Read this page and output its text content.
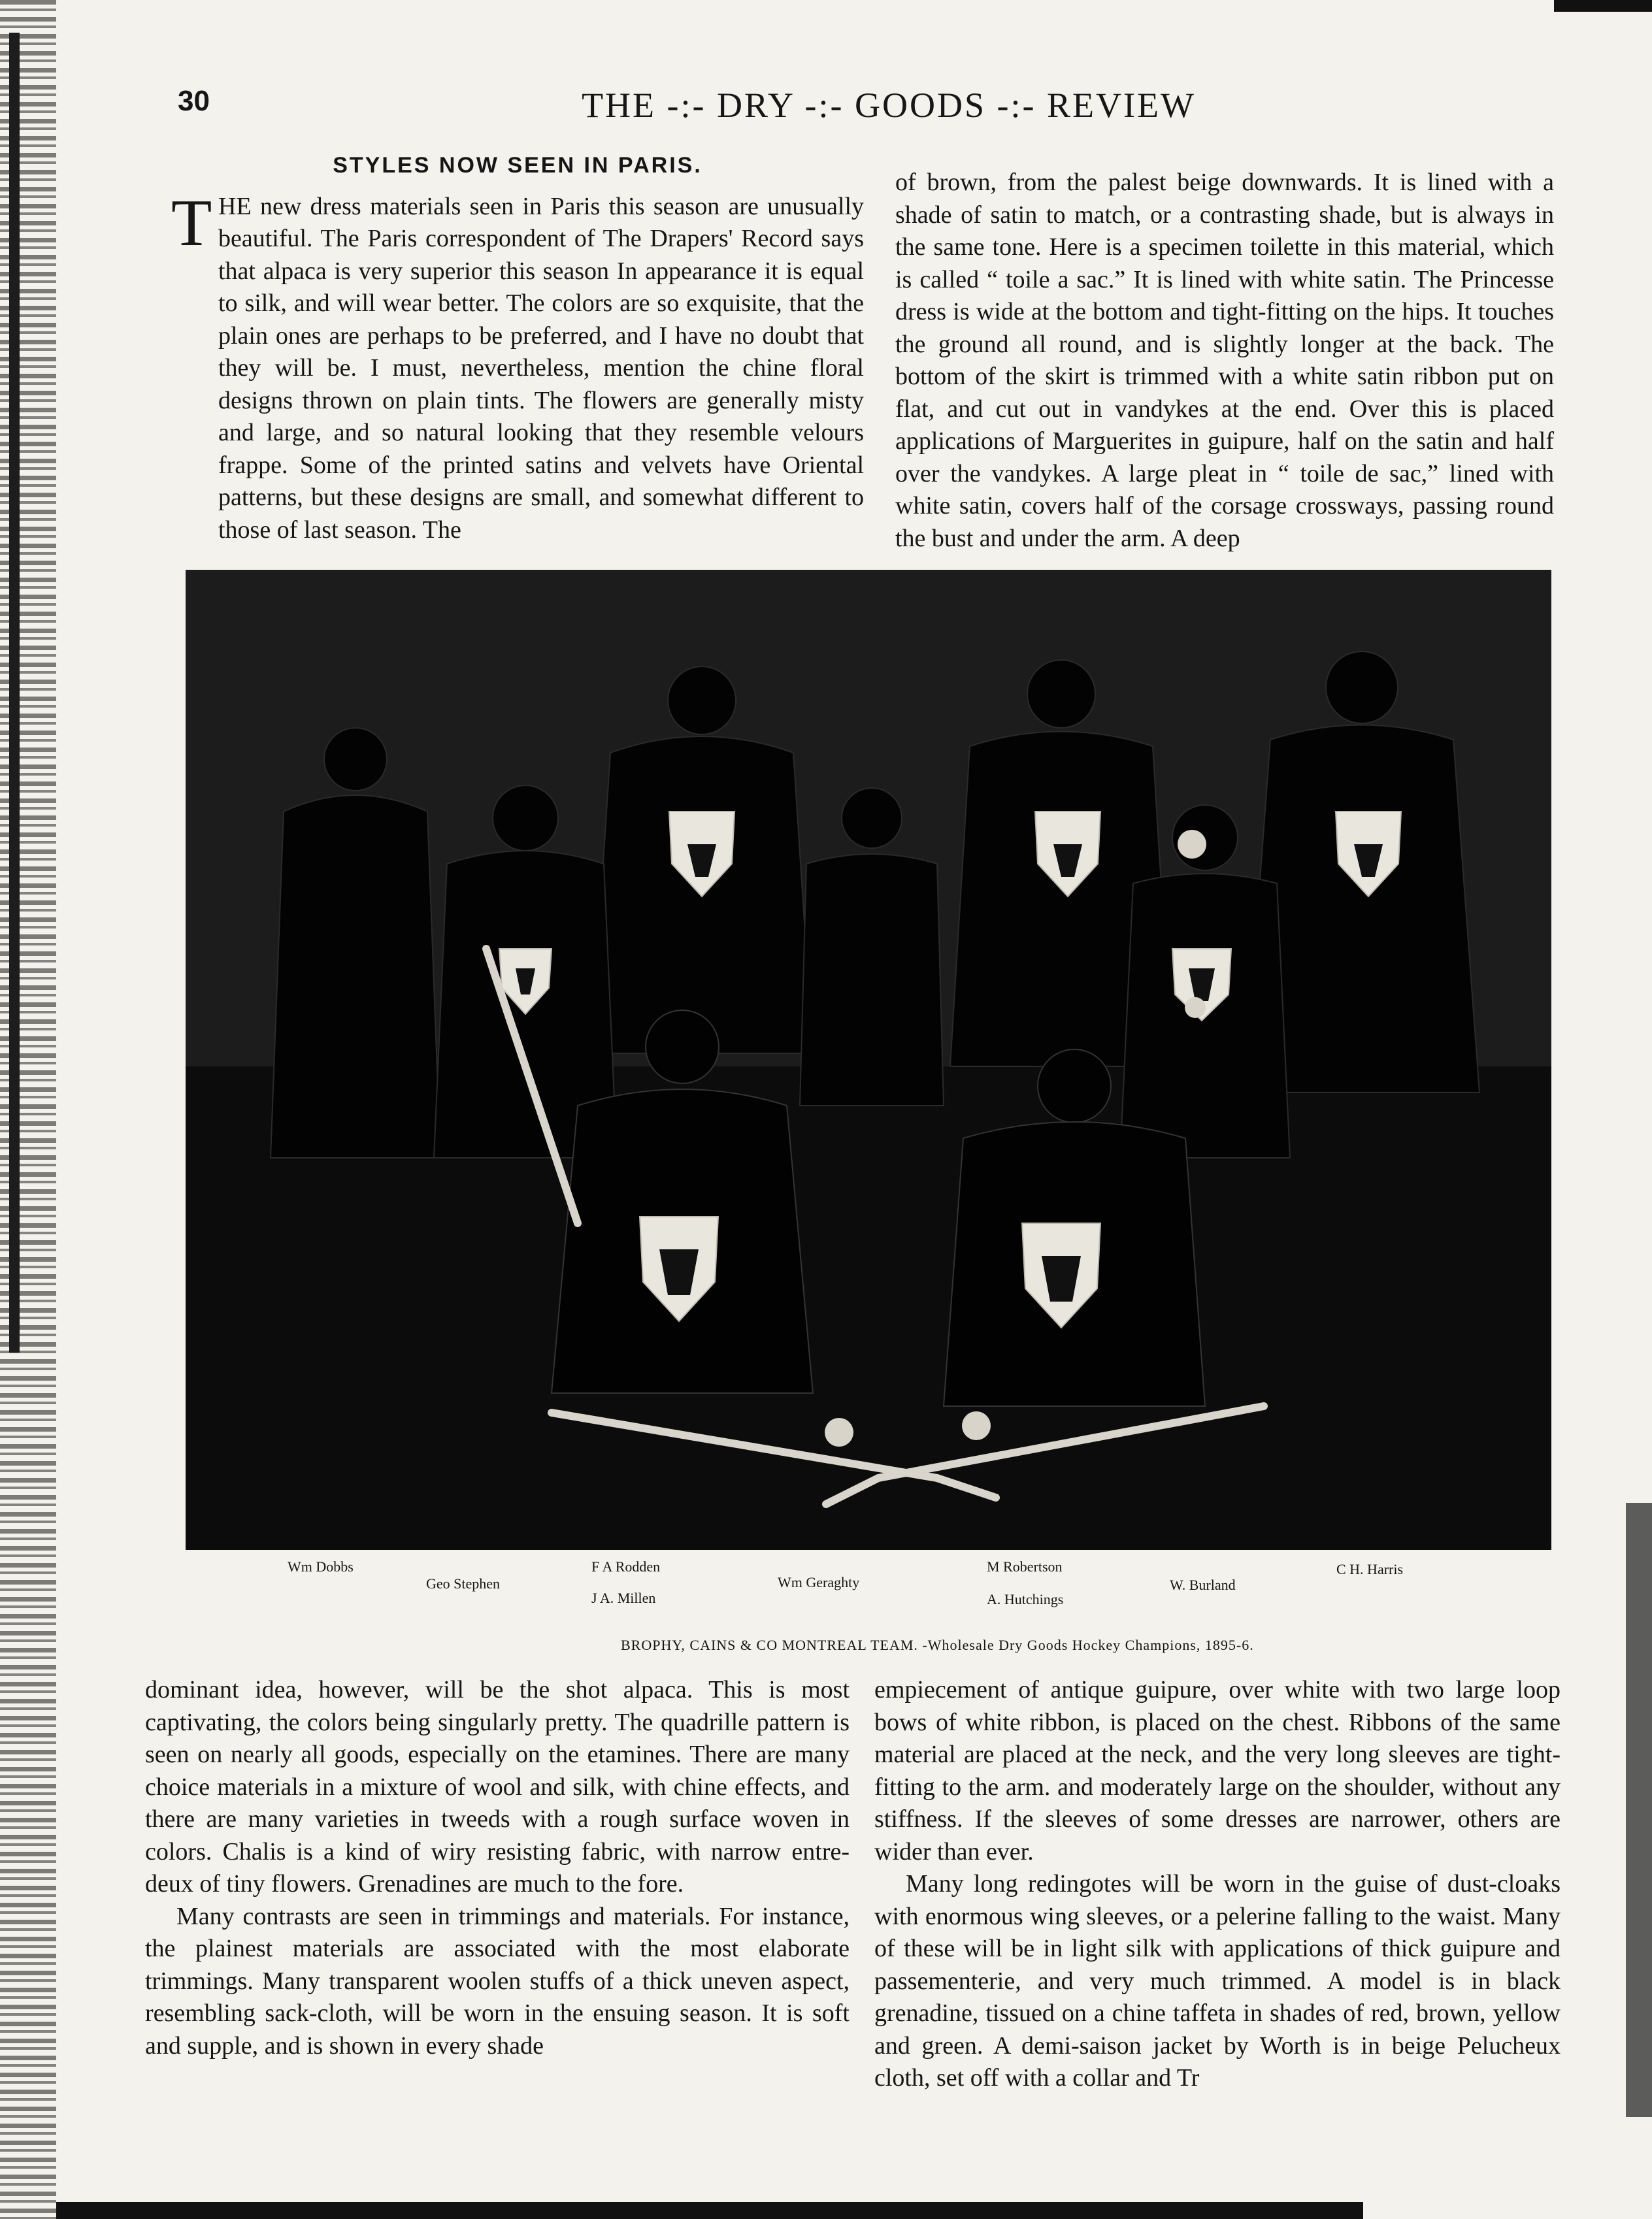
30	THE -:- DRY -:- GOODS -:- REVIEW
STYLES NOW SEEN IN PARIS.

T HE new dress materials seen in Paris this season are unusually beautiful. The Paris correspondent of The Drapers' Record says that alpaca is very superior this season In appearance it is equal to silk, and will wear better. The colors are so exquisite, that the plain ones are perhaps to be preferred, and I have no doubt that they will be. I must, nevertheless, mention the chine floral designs thrown on plain tints. The flowers are generally misty and large, and so natural looking that they resemble velours frappe. Some of the printed satins and velvets have Oriental patterns, but these designs are small, and somewhat different to those of last season. The

of brown, from the palest beige downwards. It is lined with a shade of satin to match, or a contrasting shade, but is always in the same tone. Here is a specimen toilette in this material, which is called “ toile a sac.” It is lined with white satin. The Princesse dress is wide at the bottom and tight-fitting on the hips. It touches the ground all round, and is slightly longer at the back. The bottom of the skirt is trimmed with a white satin ribbon put on flat, and cut out in vandykes at the end. Over this is placed applications of Marguerites in guipure, half on the satin and half over the vandykes. A large pleat in “ toile de sac,” lined with white satin, covers half of the corsage crossways, passing round the bust and under the arm. A deep

Wm Dobbs
Geo Stephen
F A Rodden
J A. Millen
Wm Geraghty
M Robertson
A. Hutchings
W. Burland
C H. Harris
BROPHY, CAINS & CO MONTREAL TEAM. -Wholesale Dry Goods Hockey Champions, 1895-6.

dominant idea, however, will be the shot alpaca. This is most captivating, the colors being singularly pretty. The quadrille pattern is seen on nearly all goods, especially on the etamines. There are many choice materials in a mixture of wool and silk, with chine effects, and there are many varieties in tweeds with a rough surface woven in colors. Chalis is a kind of wiry resisting fabric, with narrow entre-deux of tiny flowers. Grenadines are much to the fore.

Many contrasts are seen in trimmings and materials. For instance, the plainest materials are associated with the most elaborate trimmings. Many transparent woolen stuffs of a thick uneven aspect, resembling sack-cloth, will be worn in the ensuing season. It is soft and supple, and is shown in every shade

empiecement of antique guipure, over white with two large loop bows of white ribbon, is placed on the chest. Ribbons of the same material are placed at the neck, and the very long sleeves are tight-fitting to the arm. and moderately large on the shoulder, without any stiffness. If the sleeves of some dresses are narrower, others are wider than ever.

Many long redingotes will be worn in the guise of dust-cloaks with enormous wing sleeves, or a pelerine falling to the waist. Many of these will be in light silk with applications of thick guipure and passementerie, and very much trimmed. A model is in black grenadine, tissued on a chine taffeta in shades of red, brown, yellow and green. A demi-saison jacket by Worth is in beige Pelucheux cloth, set off with a collar and Tr
